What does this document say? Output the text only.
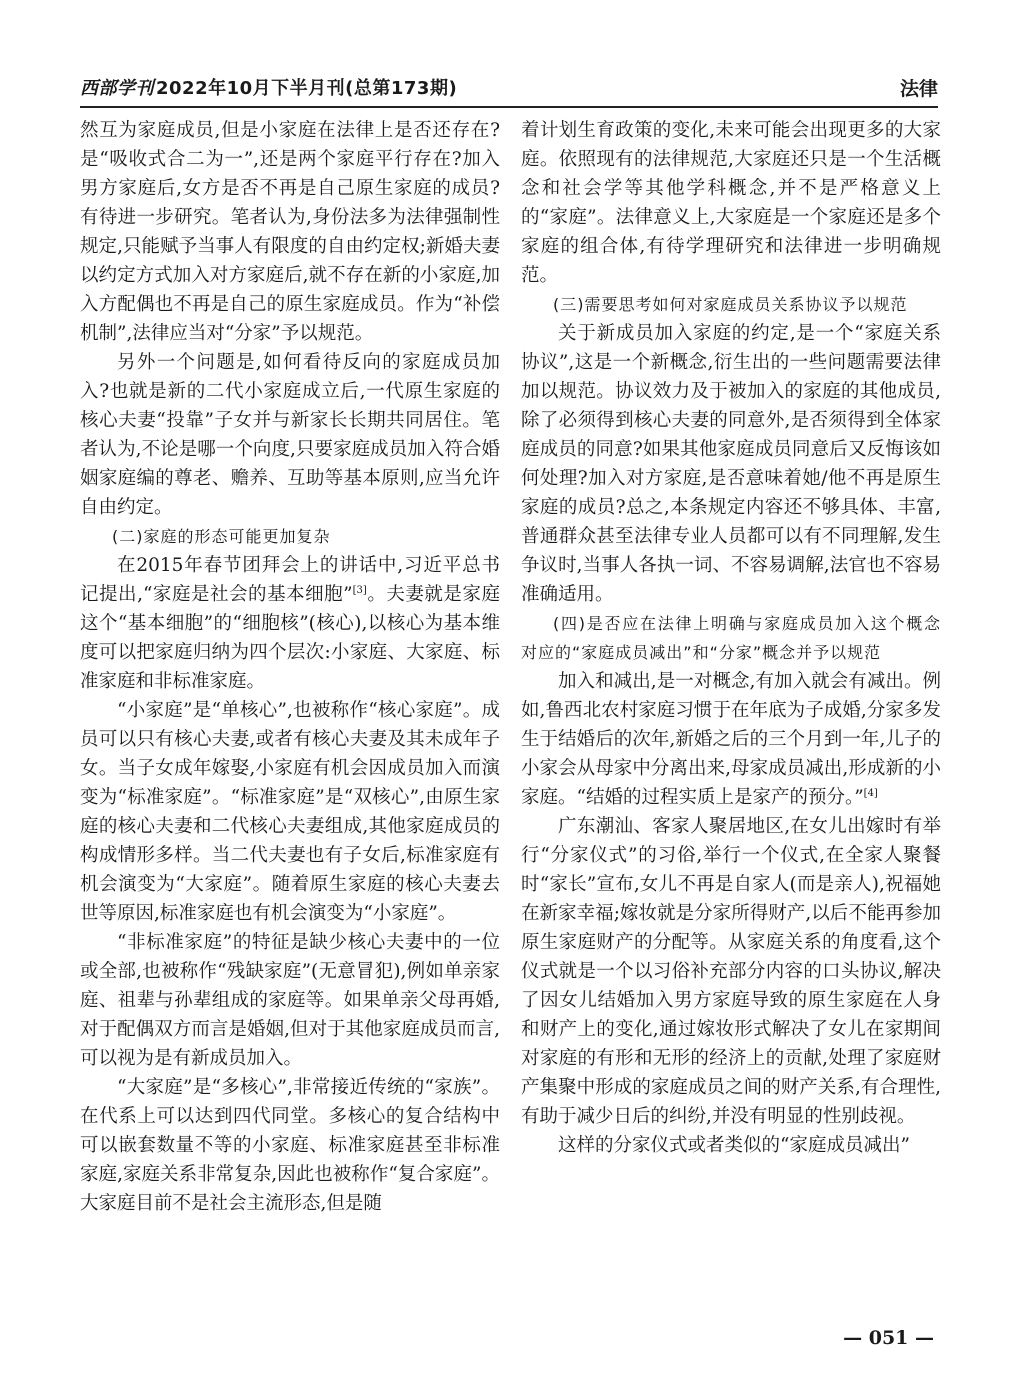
西部学刊 2022年10月下半月刊(总第173期)	法律

然互为家庭成员,但是小家庭在法律上是否还存在?是“吸收式合二为一”,还是两个家庭平行存在?加入男方家庭后,女方是否不再是自己原生家庭的成员?有待进一步研究。笔者认为,身份法多为法律强制性规定,只能赋予当事人有限度的自由约定权;新婚夫妻以约定方式加入对方家庭后,就不存在新的小家庭,加入方配偶也不再是自己的原生家庭成员。作为“补偿机制”,法律应当对“分家”予以规范。

另外一个问题是,如何看待反向的家庭成员加入?也就是新的二代小家庭成立后,一代原生家庭的核心夫妻“投靠”子女并与新家长长期共同居住。笔者认为,不论是哪一个向度,只要家庭成员加入符合婚姻家庭编的尊老、赡养、互助等基本原则,应当允许自由约定。

(二)家庭的形态可能更加复杂

在2015年春节团拜会上的讲话中,习近平总书记提出,“家庭是社会的基本细胞”[3]。夫妻就是家庭这个“基本细胞”的“细胞核”(核心),以核心为基本维度可以把家庭归纳为四个层次:小家庭、大家庭、标准家庭和非标准家庭。

“小家庭”是“单核心”,也被称作“核心家庭”。成员可以只有核心夫妻,或者有核心夫妻及其未成年子女。当子女成年嫁娶,小家庭有机会因成员加入而演变为“标准家庭”。“标准家庭”是“双核心”,由原生家庭的核心夫妻和二代核心夫妻组成,其他家庭成员的构成情形多样。当二代夫妻也有子女后,标准家庭有机会演变为“大家庭”。随着原生家庭的核心夫妻去世等原因,标准家庭也有机会演变为“小家庭”。

“非标准家庭”的特征是缺少核心夫妻中的一位或全部,也被称作“残缺家庭”(无意冒犯),例如单亲家庭、祖辈与孙辈组成的家庭等。如果单亲父母再婚,对于配偶双方而言是婚姻,但对于其他家庭成员而言,可以视为是有新成员加入。

“大家庭”是“多核心”,非常接近传统的“家族”。在代系上可以达到四代同堂。多核心的复合结构中可以嵌套数量不等的小家庭、标准家庭甚至非标准家庭,家庭关系非常复杂,因此也被称作“复合家庭”。大家庭目前不是社会主流形态,但是随

着计划生育政策的变化,未来可能会出现更多的大家庭。依照现有的法律规范,大家庭还只是一个生活概念和社会学等其他学科概念,并不是严格意义上的“家庭”。法律意义上,大家庭是一个家庭还是多个家庭的组合体,有待学理研究和法律进一步明确规范。

(三)需要思考如何对家庭成员关系协议予以规范

关于新成员加入家庭的约定,是一个“家庭关系协议”,这是一个新概念,衍生出的一些问题需要法律加以规范。协议效力及于被加入的家庭的其他成员,除了必须得到核心夫妻的同意外,是否须得到全体家庭成员的同意?如果其他家庭成员同意后又反悔该如何处理?加入对方家庭,是否意味着她/他不再是原生家庭的成员?总之,本条规定内容还不够具体、丰富,普通群众甚至法律专业人员都可以有不同理解,发生争议时,当事人各执一词、不容易调解,法官也不容易准确适用。

(四)是否应在法律上明确与家庭成员加入这个概念对应的“家庭成员减出”和“分家”概念并予以规范

加入和减出,是一对概念,有加入就会有减出。例如,鲁西北农村家庭习惯于在年底为子成婚,分家多发生于结婚后的次年,新婚之后的三个月到一年,儿子的小家会从母家中分离出来,母家成员减出,形成新的小家庭。“结婚的过程实质上是家产的预分。”[4]

广东潮汕、客家人聚居地区,在女儿出嫁时有举行“分家仪式”的习俗,举行一个仪式,在全家人聚餐时“家长”宣布,女儿不再是自家人(而是亲人),祝福她在新家幸福;嫁妆就是分家所得财产,以后不能再参加原生家庭财产的分配等。从家庭关系的角度看,这个仪式就是一个以习俗补充部分内容的口头协议,解决了因女儿结婚加入男方家庭导致的原生家庭在人身和财产上的变化,通过嫁妆形式解决了女儿在家期间对家庭的有形和无形的经济上的贡献,处理了家庭财产集聚中形成的家庭成员之间的财产关系,有合理性,有助于减少日后的纠纷,并没有明显的性别歧视。

这样的分家仪式或者类似的“家庭成员减出”

— 051 —
